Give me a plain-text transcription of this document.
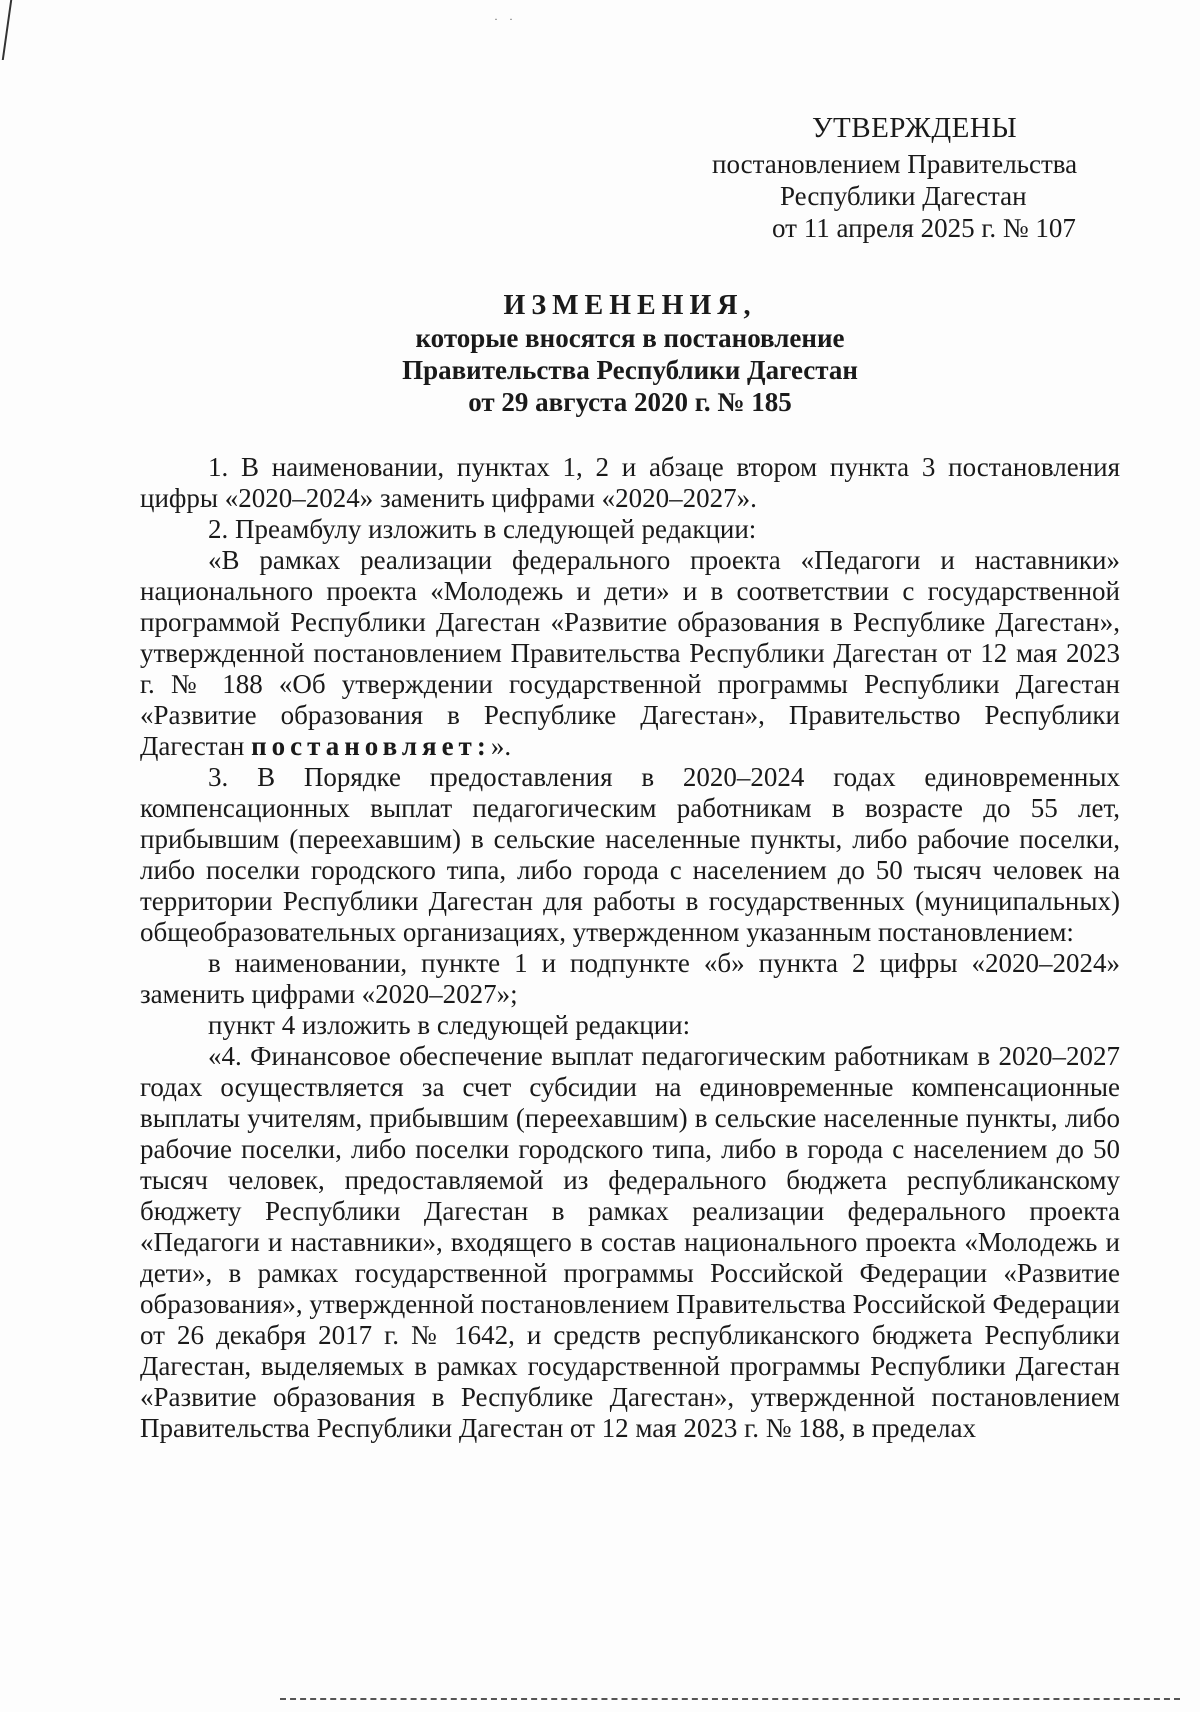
· ·
УТВЕРЖДЕНЫ
постановлением Правительства
Республики Дагестан
от 11 апреля 2025 г. № 107
ИЗМЕНЕНИЯ,
которые вносятся в постановление
Правительства Республики Дагестан
от 29 августа 2020 г. № 185

1. В наименовании, пунктах 1, 2 и абзаце втором пункта 3 постановления цифры «2020–2024» заменить цифрами «2020–2027».

2. Преамбулу изложить в следующей редакции:

«В рамках реализации федерального проекта «Педагоги и наставники» национального проекта «Молодежь и дети» и в соответствии с государственной программой Республики Дагестан «Развитие образования в Республике Дагестан», утвержденной постановлением Правительства Республики Дагестан от 12 мая 2023 г. № 188 «Об утверждении государственной программы Республики Дагестан «Развитие образования в Республике Дагестан», Правительство Республики Дагестан постановляет:».

3. В Порядке предоставления в 2020–2024 годах единовременных компенсационных выплат педагогическим работникам в возрасте до 55 лет, прибывшим (переехавшим) в сельские населенные пункты, либо рабочие поселки, либо поселки городского типа, либо города с населением до 50 тысяч человек на территории Республики Дагестан для работы в государственных (муниципальных) общеобразовательных организациях, утвержденном указанным постановлением:

в наименовании, пункте 1 и подпункте «б» пункта 2 цифры «2020–2024» заменить цифрами «2020–2027»;

пункт 4 изложить в следующей редакции:

«4. Финансовое обеспечение выплат педагогическим работникам в 2020–2027 годах осуществляется за счет субсидии на единовременные компенсационные выплаты учителям, прибывшим (переехавшим) в сельские населенные пункты, либо рабочие поселки, либо поселки городского типа, либо в города с населением до 50 тысяч человек, предоставляемой из федерального бюджета республиканскому бюджету Республики Дагестан в рамках реализации федерального проекта «Педагоги и наставники», входящего в состав национального проекта «Молодежь и дети», в рамках государственной программы Российской Федерации «Развитие образования», утвержденной постановлением Правительства Российской Федерации от 26 декабря 2017 г. № 1642, и средств республиканского бюджета Республики Дагестан, выделяемых в рамках государственной программы Республики Дагестан «Развитие образования в Республике Дагестан», утвержденной постановлением Правительства Республики Дагестан от 12 мая 2023 г. № 188, в пределах
